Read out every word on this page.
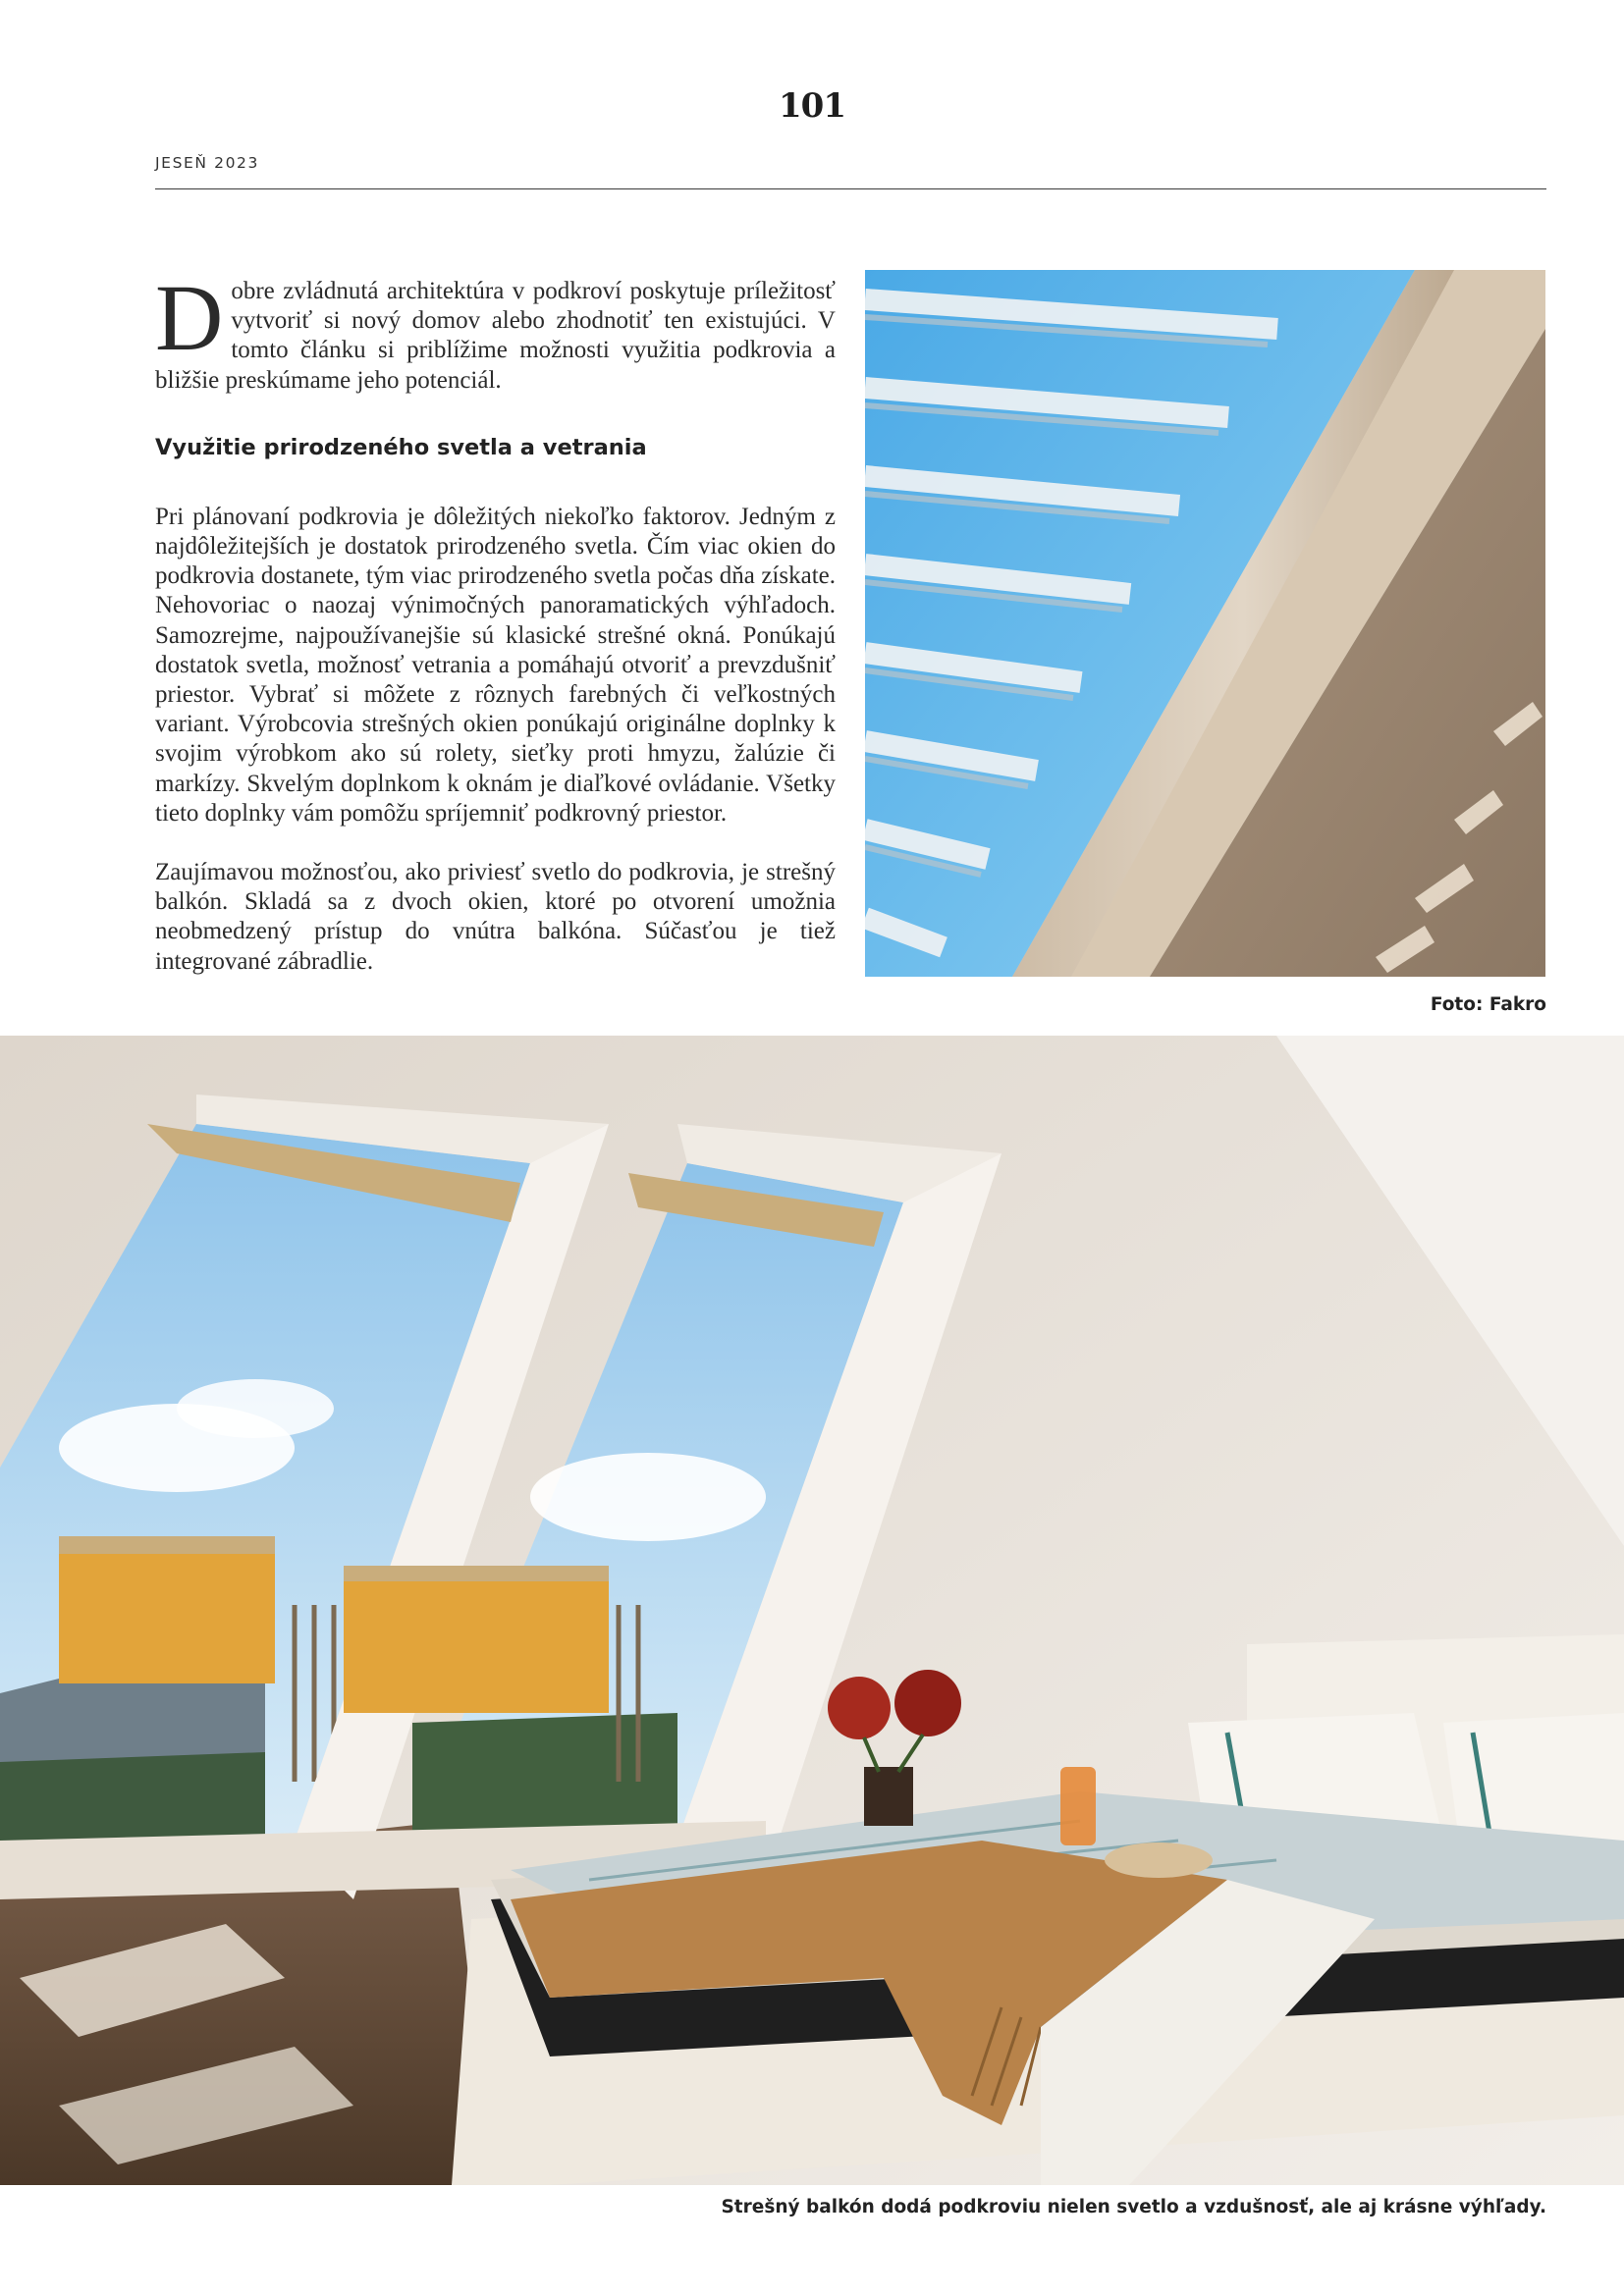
101
JESEŇ 2023

Dobre zvládnutá architektúra v podkroví poskytuje príležitosť vytvoriť si nový domov alebo zhodnotiť ten existujúci. V tomto článku si priblížime možnosti využitia podkrovia a bližšie preskúmame jeho potenciál.

Využitie prirodzeného svetla a vetrania

Pri plánovaní podkrovia je dôležitých niekoľko faktorov. Jedným z najdôležitejších je dostatok prirodzeného svetla. Čím viac okien do podkrovia dostanete, tým viac prirodzeného svetla počas dňa získate. Nehovoriac o naozaj výnimočných panoramatických výhľadoch. Samozrejme, najpoužívanejšie sú klasické strešné okná. Ponúkajú dostatok svetla, možnosť vetrania a pomáhajú otvoriť a prevzdušniť priestor. Vybrať si môžete z rôznych farebných či veľkostných variant. Výrobcovia strešných okien ponúkajú originálne doplnky k svojim výrobkom ako sú rolety, sieťky proti hmyzu, žalúzie či markízy. Skvelým doplnkom k oknám je diaľkové ovládanie. Všetky tieto doplnky vám pomôžu spríjemniť podkrovný priestor.

Zaujímavou možnosťou, ako priviesť svetlo do podkrovia, je strešný balkón. Skladá sa z dvoch okien, ktoré po otvorení umožnia neobmedzený prístup do vnútra balkóna. Súčasťou je tiež integrované zábradlie.

Foto: Fakro
Strešný balkón dodá podkroviu nielen svetlo a vzdušnosť, ale aj krásne výhľady.
